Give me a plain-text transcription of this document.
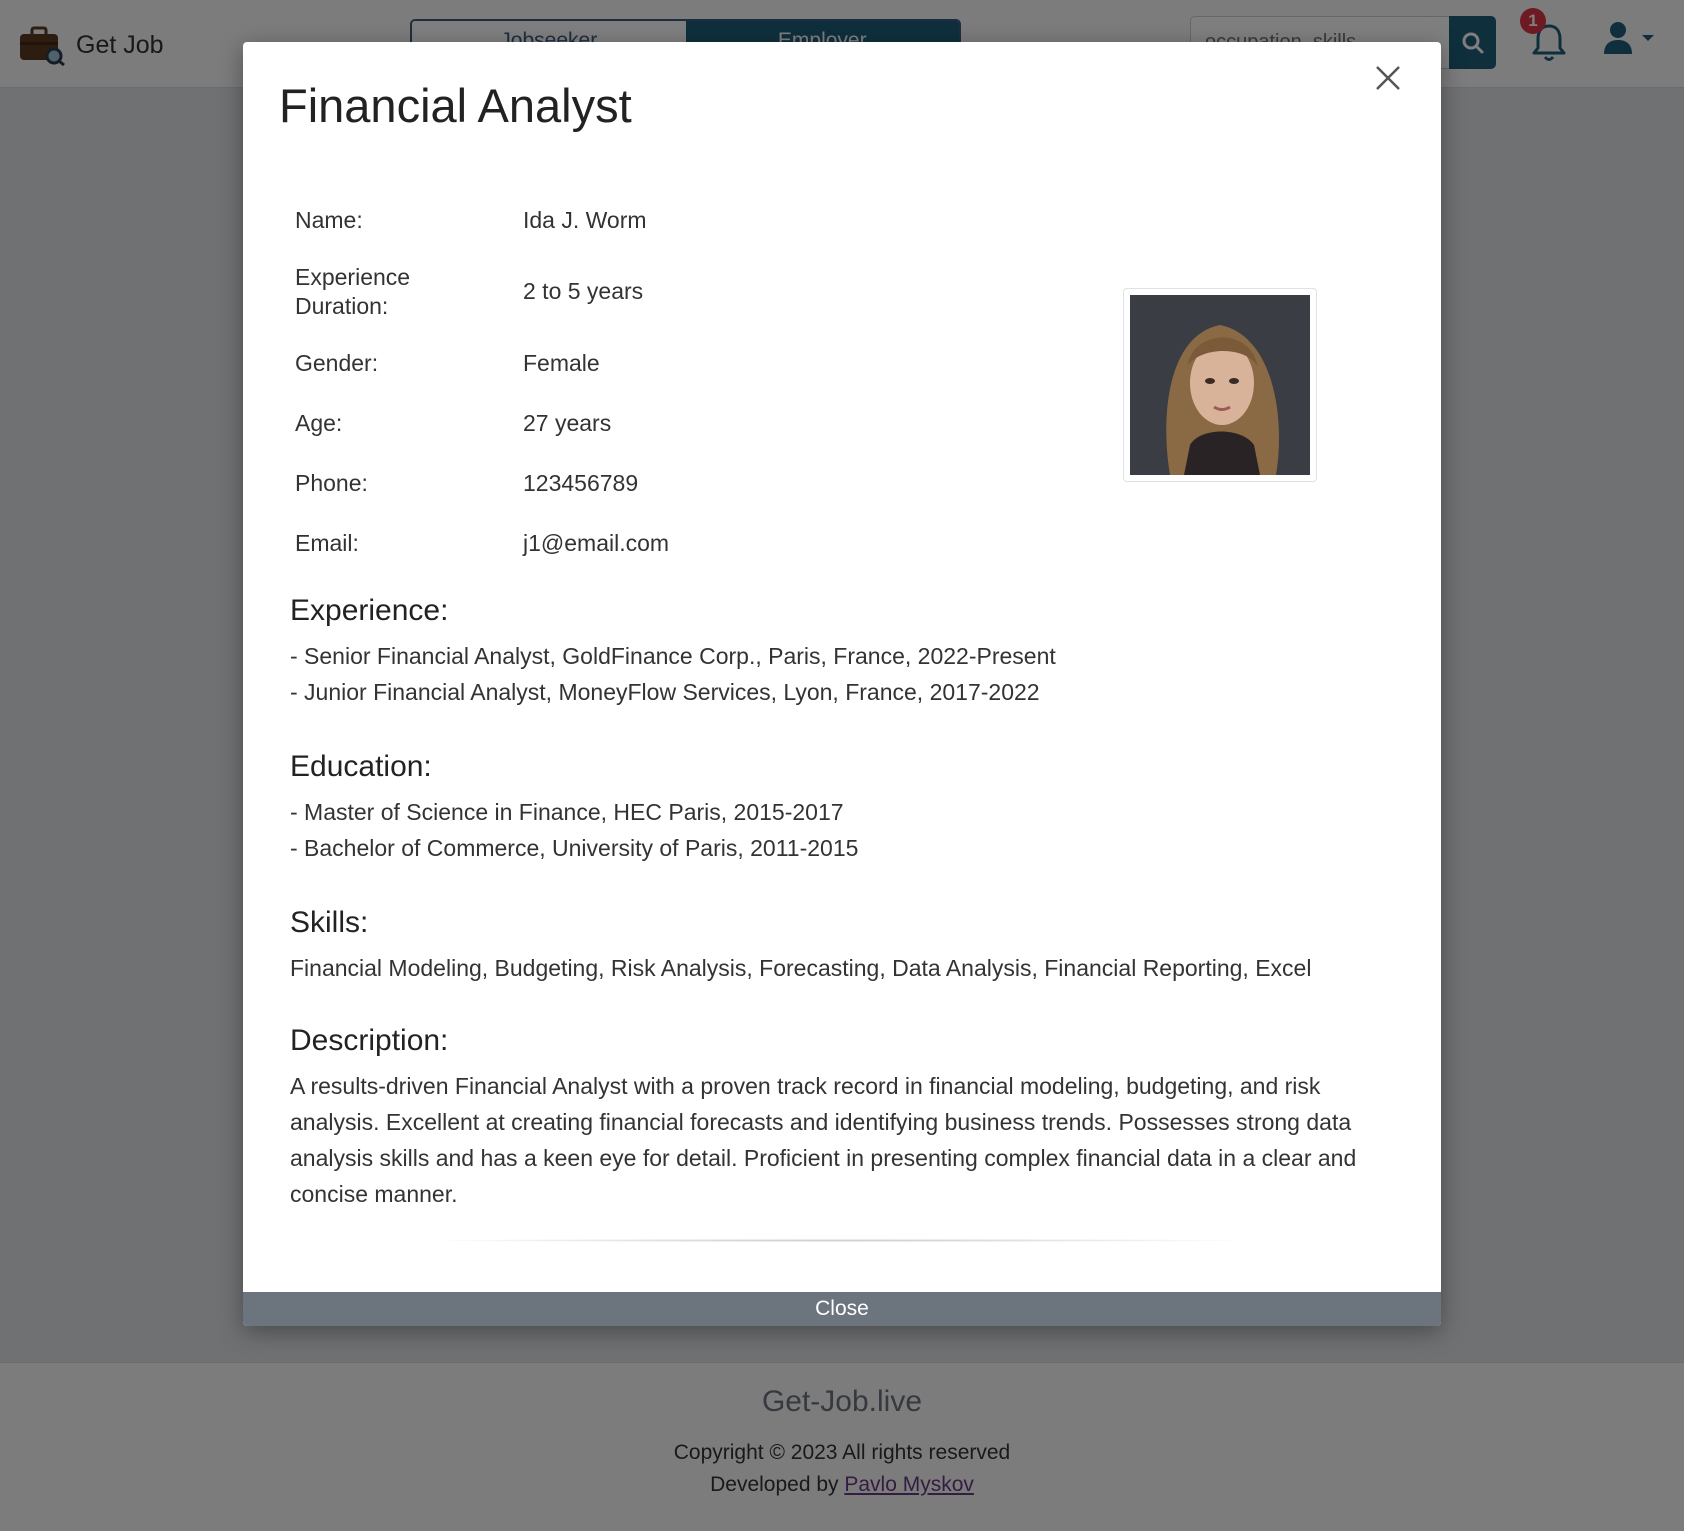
occupation, skills
Financial Analyst
Name:	Ida J. Worm
Experience Duration:	2 to 5 years
Gender:	Female
Age:	27 years
Phone:	123456789
Email:	j1@email.com
Experience:
- Senior Financial Analyst, GoldFinance Corp., Paris, France, 2022-Present
- Junior Financial Analyst, MoneyFlow Services, Lyon, France, 2017-2022
Education:
- Master of Science in Finance, HEC Paris, 2015-2017
- Bachelor of Commerce, University of Paris, 2011-2015
Skills:
Financial Modeling, Budgeting, Risk Analysis, Forecasting, Data Analysis, Financial Reporting, Excel
Description:
A results-driven Financial Analyst with a proven track record in financial modeling, budgeting, and risk analysis. Excellent at creating financial forecasts and identifying business trends. Possesses strong data analysis skills and has a keen eye for detail. Proficient in presenting complex financial data in a clear and concise manner.
Close
